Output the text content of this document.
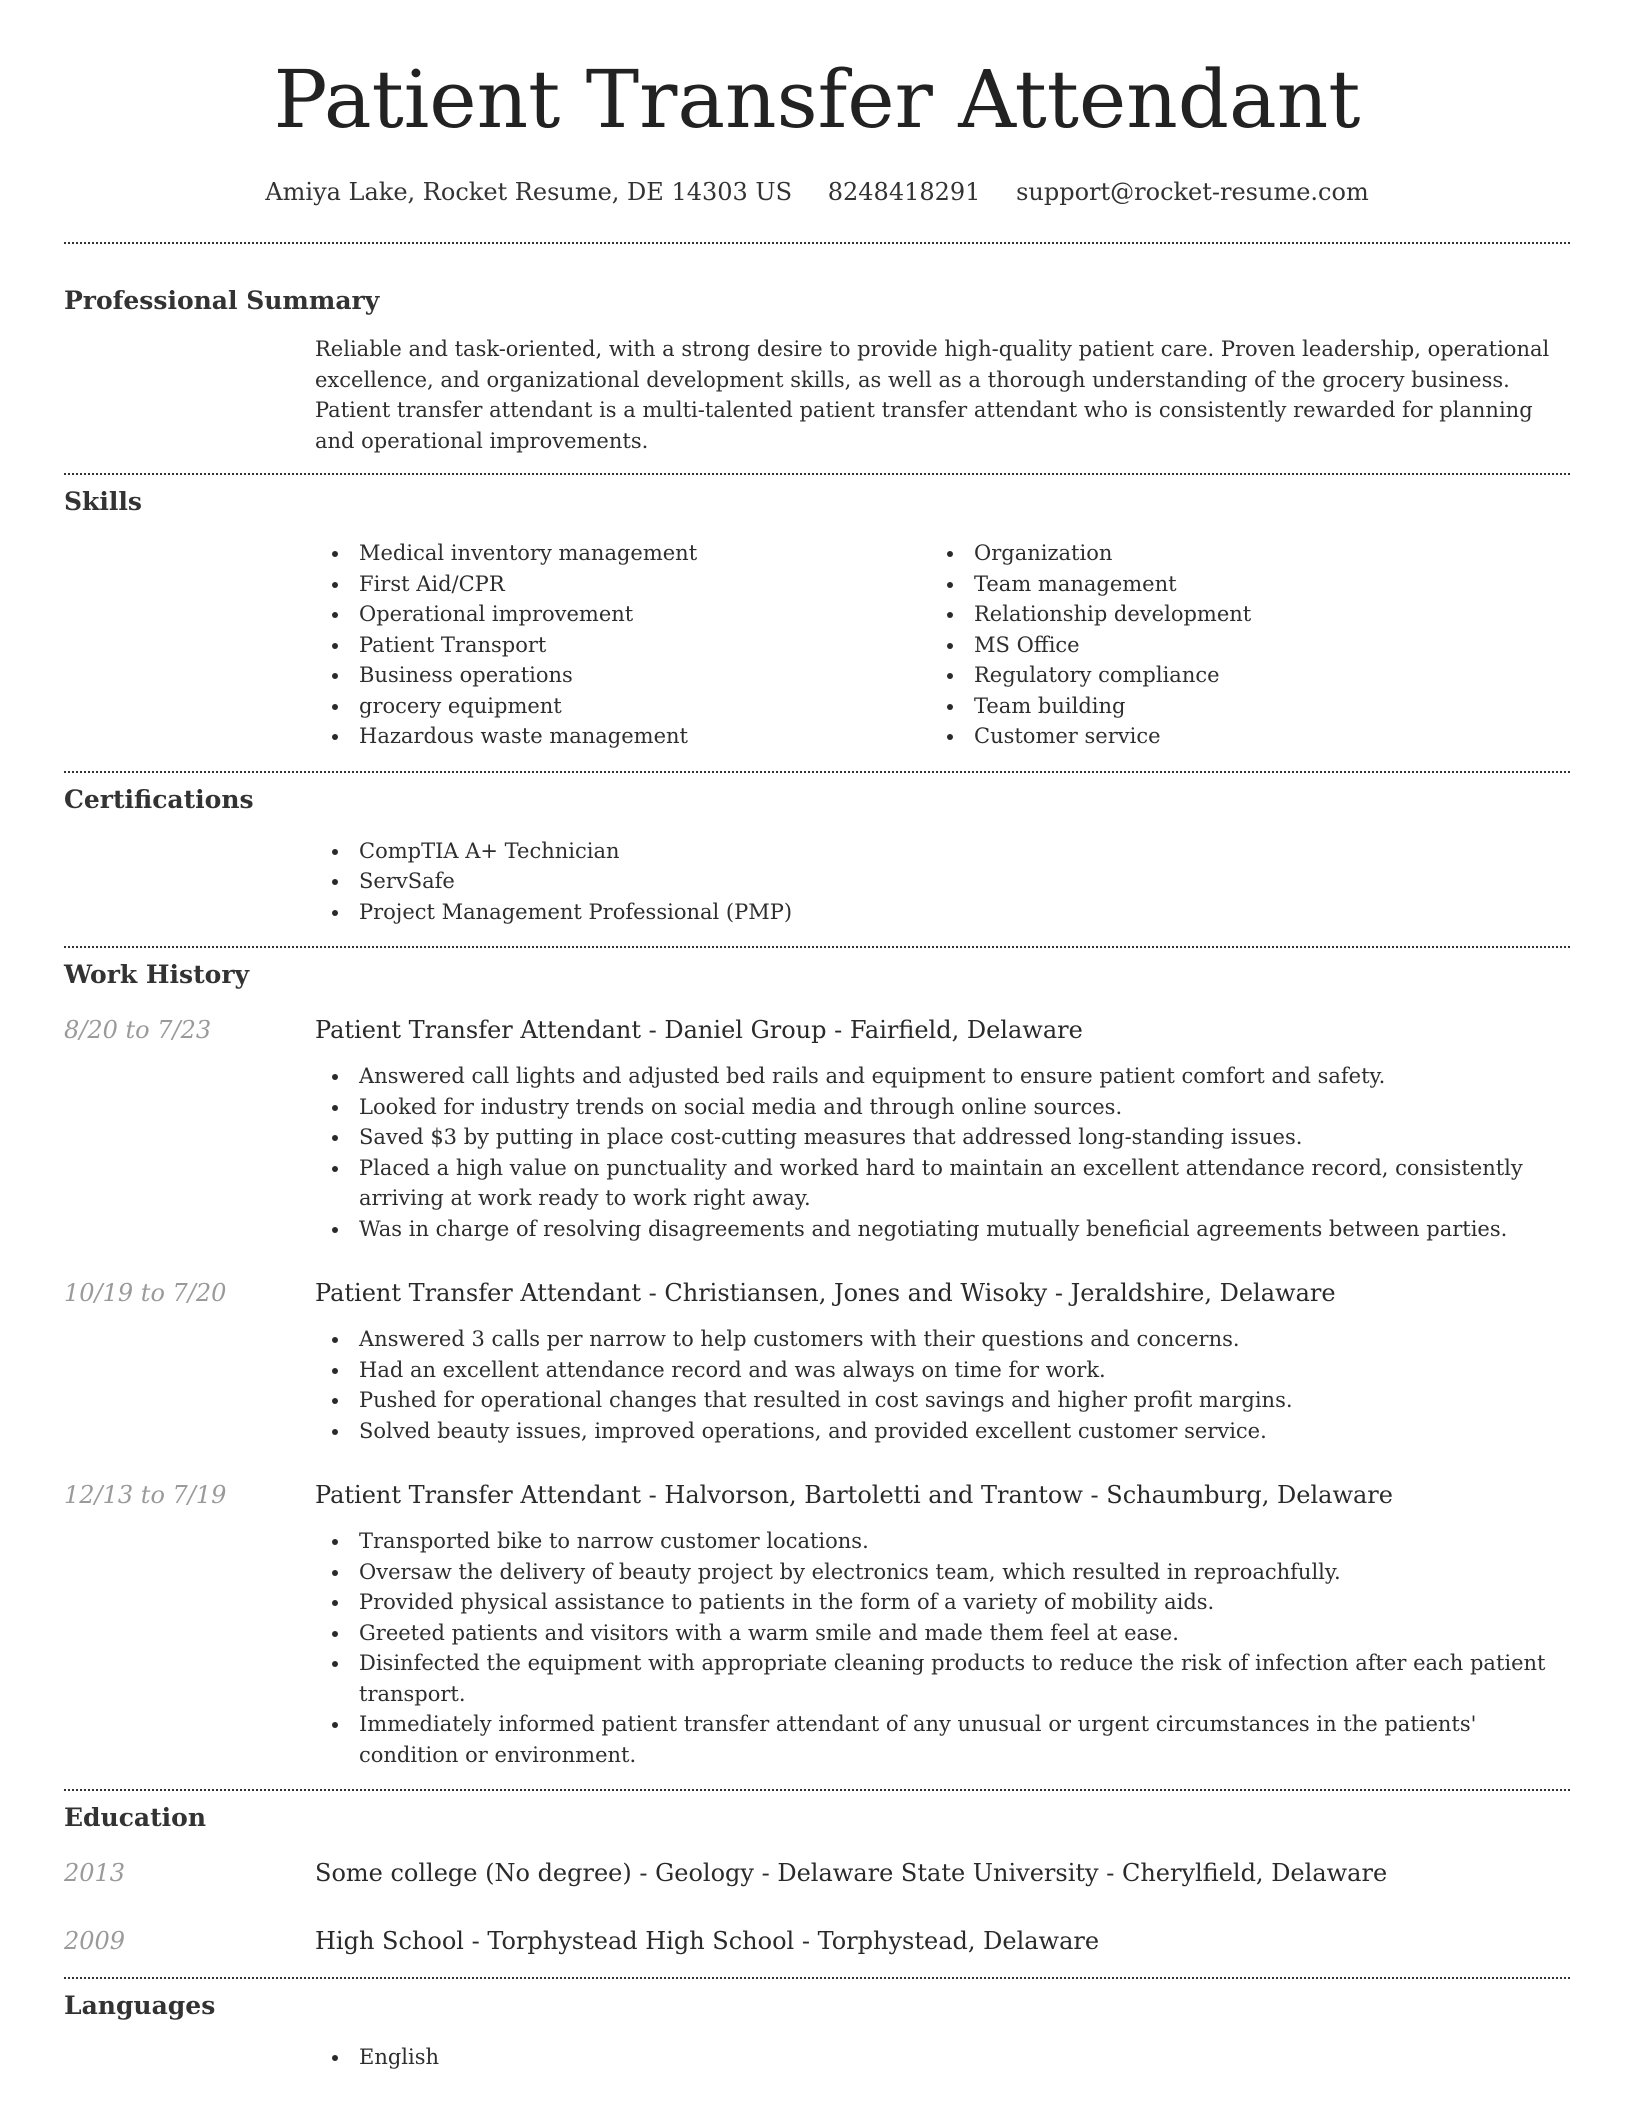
Patient Transfer Attendant
Amiya Lake, Rocket Resume, DE 14303 US 8248418291 support@rocket-resume.com
Professional Summary
Reliable and task-oriented, with a strong desire to provide high-quality patient care. Proven leadership, operational excellence, and organizational development skills, as well as a thorough understanding of the grocery business. Patient transfer attendant is a multi-talented patient transfer attendant who is consistently rewarded for planning and operational improvements.
Skills
Medical inventory management
First Aid/CPR
Operational improvement
Patient Transport
Business operations
grocery equipment
Hazardous waste management
Organization
Team management
Relationship development
MS Office
Regulatory compliance
Team building
Customer service
Certifications
CompTIA A+ Technician
ServSafe
Project Management Professional (PMP)
Work History
8/20 to 7/23	Patient Transfer Attendant - Daniel Group - Fairfield, Delaware
Answered call lights and adjusted bed rails and equipment to ensure patient comfort and safety.
Looked for industry trends on social media and through online sources.
Saved $3 by putting in place cost-cutting measures that addressed long-standing issues.
Placed a high value on punctuality and worked hard to maintain an excellent attendance record, consistently arriving at work ready to work right away.
Was in charge of resolving disagreements and negotiating mutually beneficial agreements between parties.
10/19 to 7/20	Patient Transfer Attendant - Christiansen, Jones and Wisoky - Jeraldshire, Delaware
Answered 3 calls per narrow to help customers with their questions and concerns.
Had an excellent attendance record and was always on time for work.
Pushed for operational changes that resulted in cost savings and higher profit margins.
Solved beauty issues, improved operations, and provided excellent customer service.
12/13 to 7/19	Patient Transfer Attendant - Halvorson, Bartoletti and Trantow - Schaumburg, Delaware
Transported bike to narrow customer locations.
Oversaw the delivery of beauty project by electronics team, which resulted in reproachfully.
Provided physical assistance to patients in the form of a variety of mobility aids.
Greeted patients and visitors with a warm smile and made them feel at ease.
Disinfected the equipment with appropriate cleaning products to reduce the risk of infection after each patient transport.
Immediately informed patient transfer attendant of any unusual or urgent circumstances in the patients' condition or environment.
Education
2013	Some college (No degree) - Geology - Delaware State University - Cherylfield, Delaware
2009	High School - Torphystead High School - Torphystead, Delaware
Languages
English
